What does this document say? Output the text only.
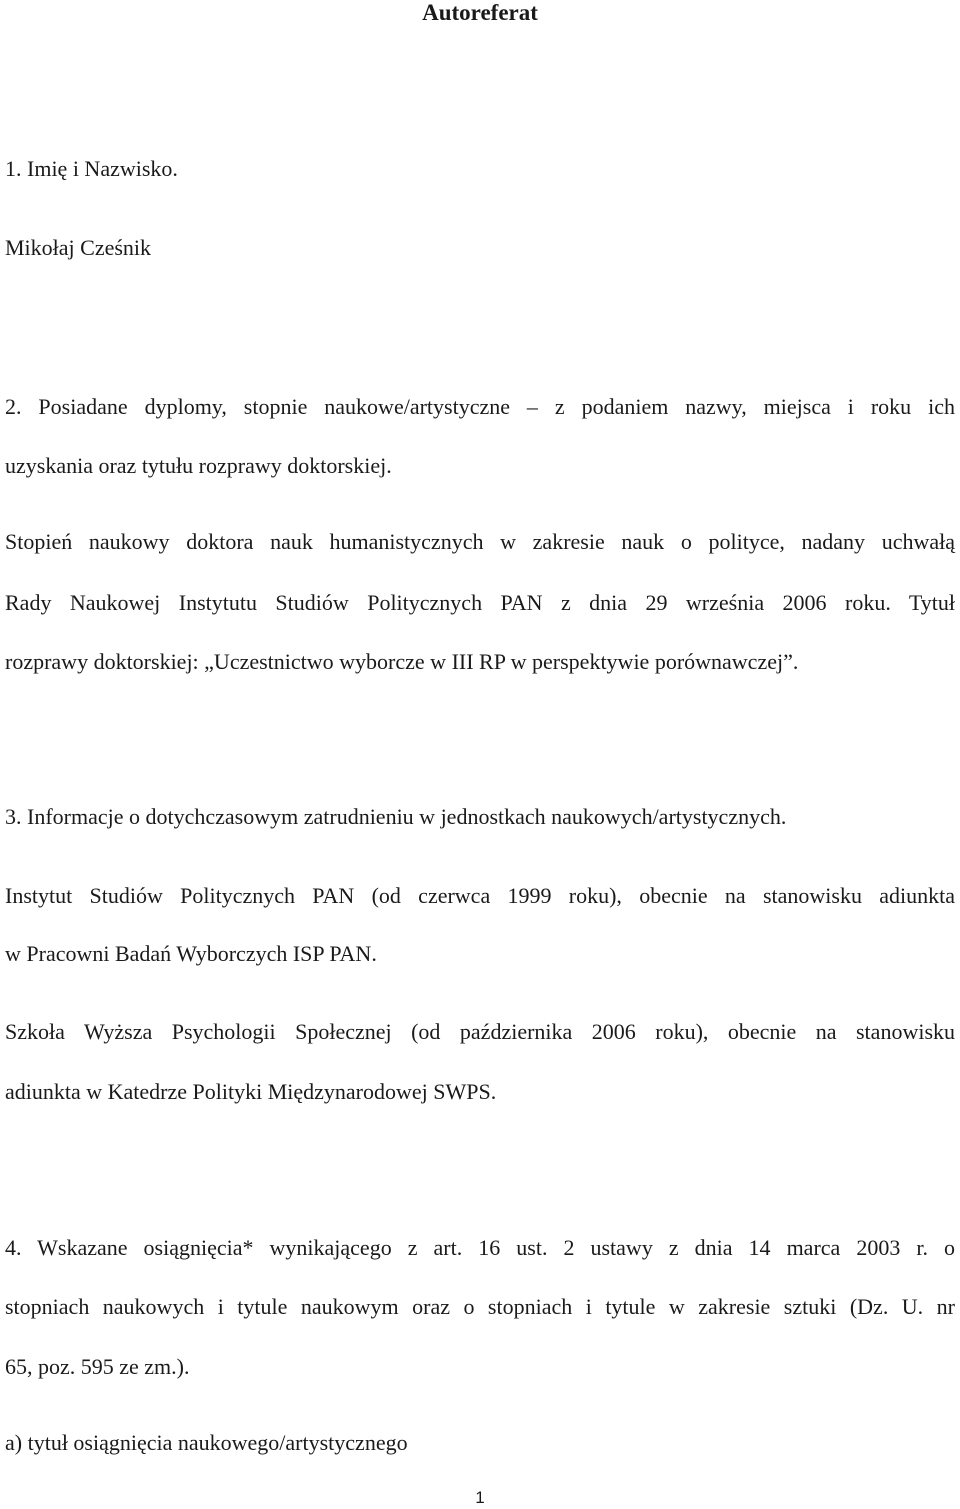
Autoreferat
1. Imię i Nazwisko.
Mikołaj Cześnik
2. Posiadane dyplomy, stopnie naukowe/artystyczne – z podaniem nazwy, miejsca i roku ich
uzyskania oraz tytułu rozprawy doktorskiej.
Stopień naukowy doktora nauk humanistycznych w zakresie nauk o polityce, nadany uchwałą
Rady Naukowej Instytutu Studiów Politycznych PAN z dnia 29 września 2006 roku. Tytuł
rozprawy doktorskiej: „Uczestnictwo wyborcze w III RP w perspektywie porównawczej”.
3. Informacje o dotychczasowym zatrudnieniu w jednostkach naukowych/artystycznych.
Instytut Studiów Politycznych PAN (od czerwca 1999 roku), obecnie na stanowisku adiunkta
w Pracowni Badań Wyborczych ISP PAN.
Szkoła Wyższa Psychologii Społecznej (od października 2006 roku), obecnie na stanowisku
adiunkta w Katedrze Polityki Międzynarodowej SWPS.
4. Wskazane osiągnięcia* wynikającego z art. 16 ust. 2 ustawy z dnia 14 marca 2003 r. o
stopniach naukowych i tytule naukowym oraz o stopniach i tytule w zakresie sztuki (Dz. U. nr
65, poz. 595 ze zm.).
a) tytuł osiągnięcia naukowego/artystycznego
1
